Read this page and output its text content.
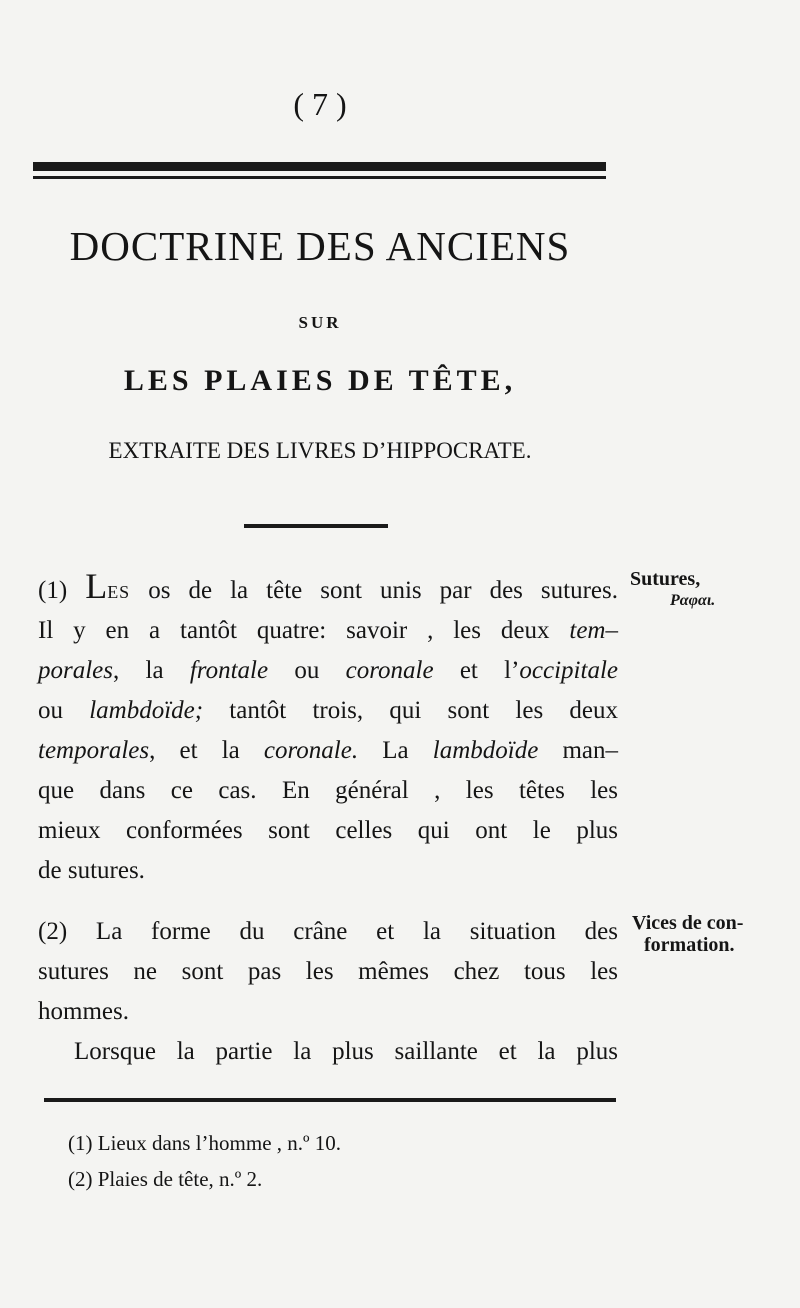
( 7 )
DOCTRINE DES ANCIENS
SUR
LES PLAIES DE TÊTE,
EXTRAITE DES LIVRES D’HIPPOCRATE.
(1) Les os de la tête sont unis par des sutures.
Il y en a tantôt quatre: savoir , les deux tem–
porales, la frontale ou coronale et l’occipitale
ou lambdoïde; tantôt trois, qui sont les deux
temporales, et la coronale. La lambdoïde man–
que dans ce cas. En général , les têtes les
mieux conformées sont celles qui ont le plus
de sutures.
Sutures,
Ραφαι.
(2) La forme du crâne et la situation des
sutures ne sont pas les mêmes chez tous les
hommes.
Vices de con-
formation.
Lorsque la partie la plus saillante et la plus
(1) Lieux dans l’homme , n.º 10.
(2) Plaies de tête, n.º 2.
